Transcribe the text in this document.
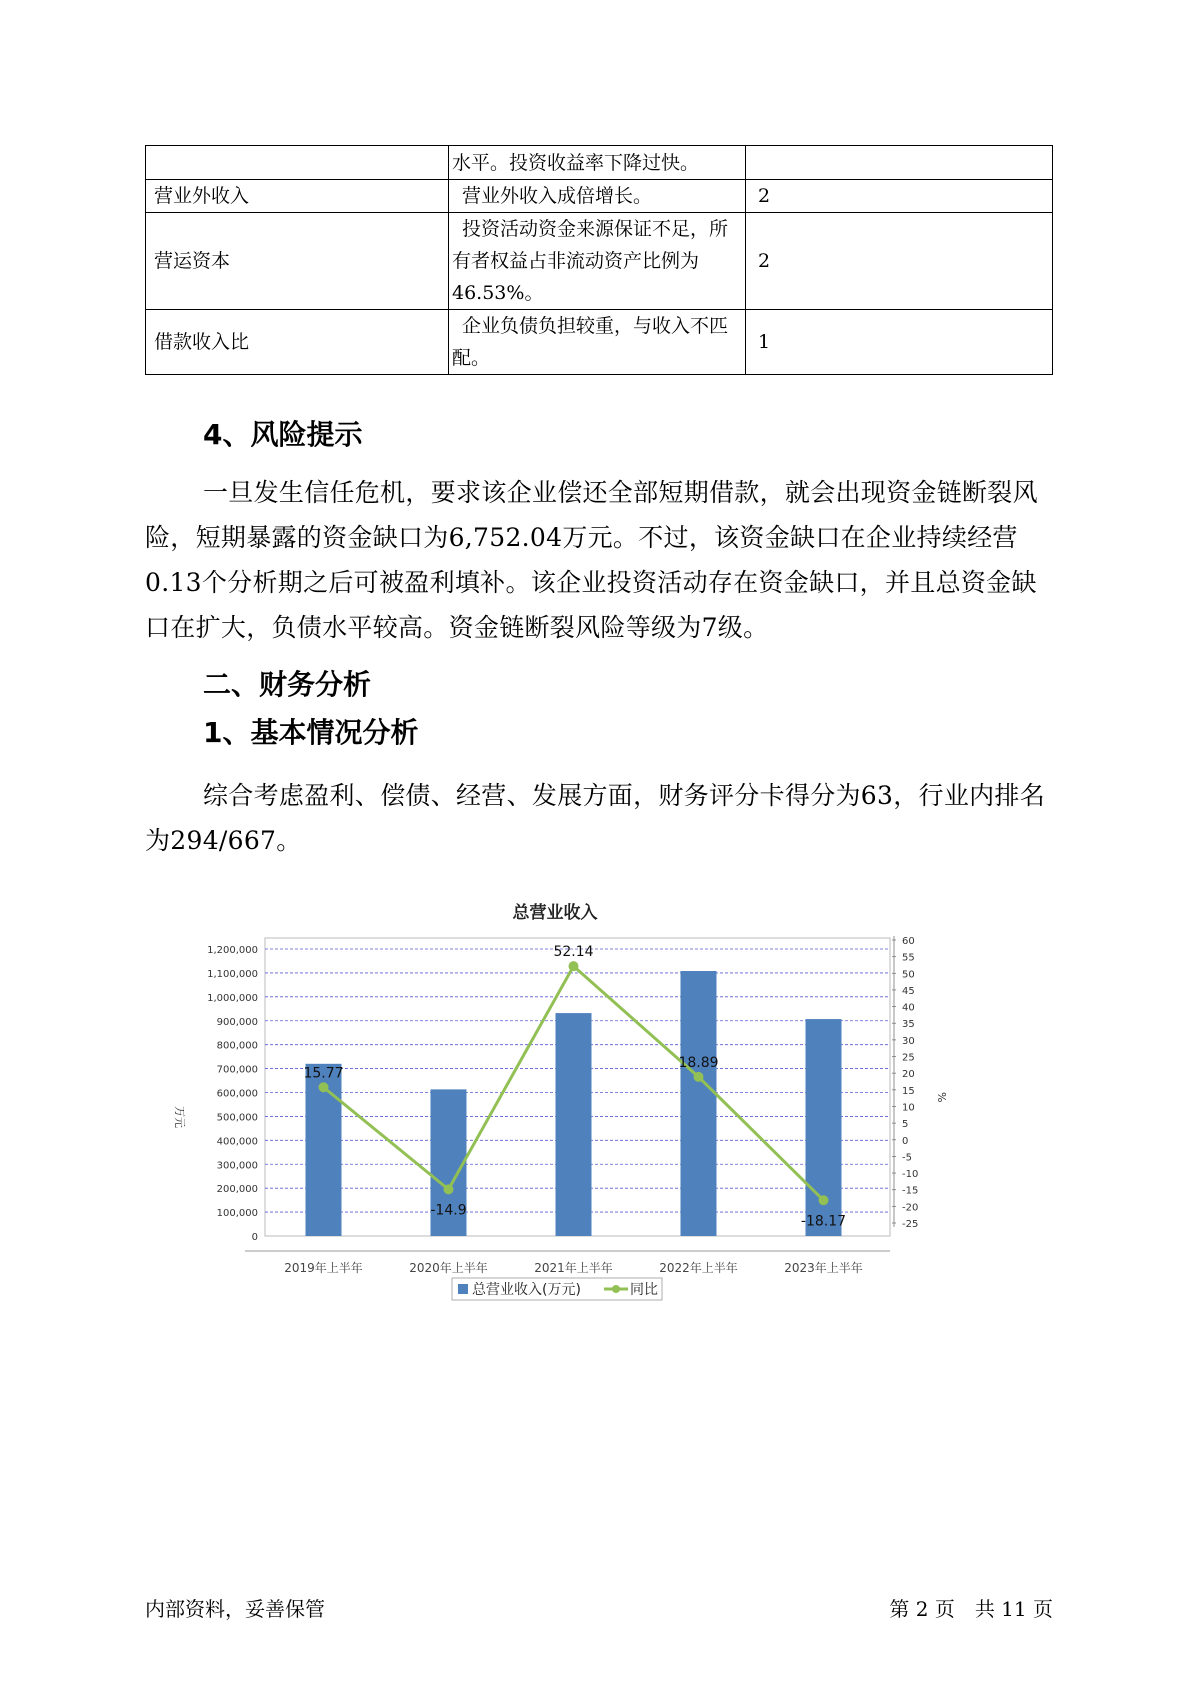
	水平。投资收益率下降过快。	

营业外收入	营业外收入成倍增长。	2
营运资本	投资活动资金来源保证不足，所
有者权益占非流动资产比例为
46.53%。	2
借款收入比	企业负债负担较重，与收入不匹
配。	1
4、风险提示

一旦发生信任危机，要求该企业偿还全部短期借款，就会出现资金链断裂风险，短期暴露的资金缺口为6,752.04万元。不过，该资金缺口在企业持续经营 0.13个分析期之后可被盈利填补。该企业投资活动存在资金缺口，并且总资金缺口在扩大，负债水平较高。资金链断裂风险等级为7级。

二、财务分析
1、基本情况分析

综合考虑盈利、偿债、经营、发展方面，财务评分卡得分为63，行业内排名为294/667。

总营业收入
0
100,000
200,000
300,000
400,000
500,000
600,000
700,000
800,000
900,000
1,000,000
1,100,000
1,200,000
-25
-20
-15
-10
-5
0
5
10
15
20
25
30
35
40
45
50
55
60
万元
%
2019年上半年	2020年上半年	2021年上半年	2022年上半年	2023年上半年
15.77
-14.9
52.14
18.89
-18.17
总营业收入(万元)	同比
内部资料，妥善保管	第 2 页　共 11 页
